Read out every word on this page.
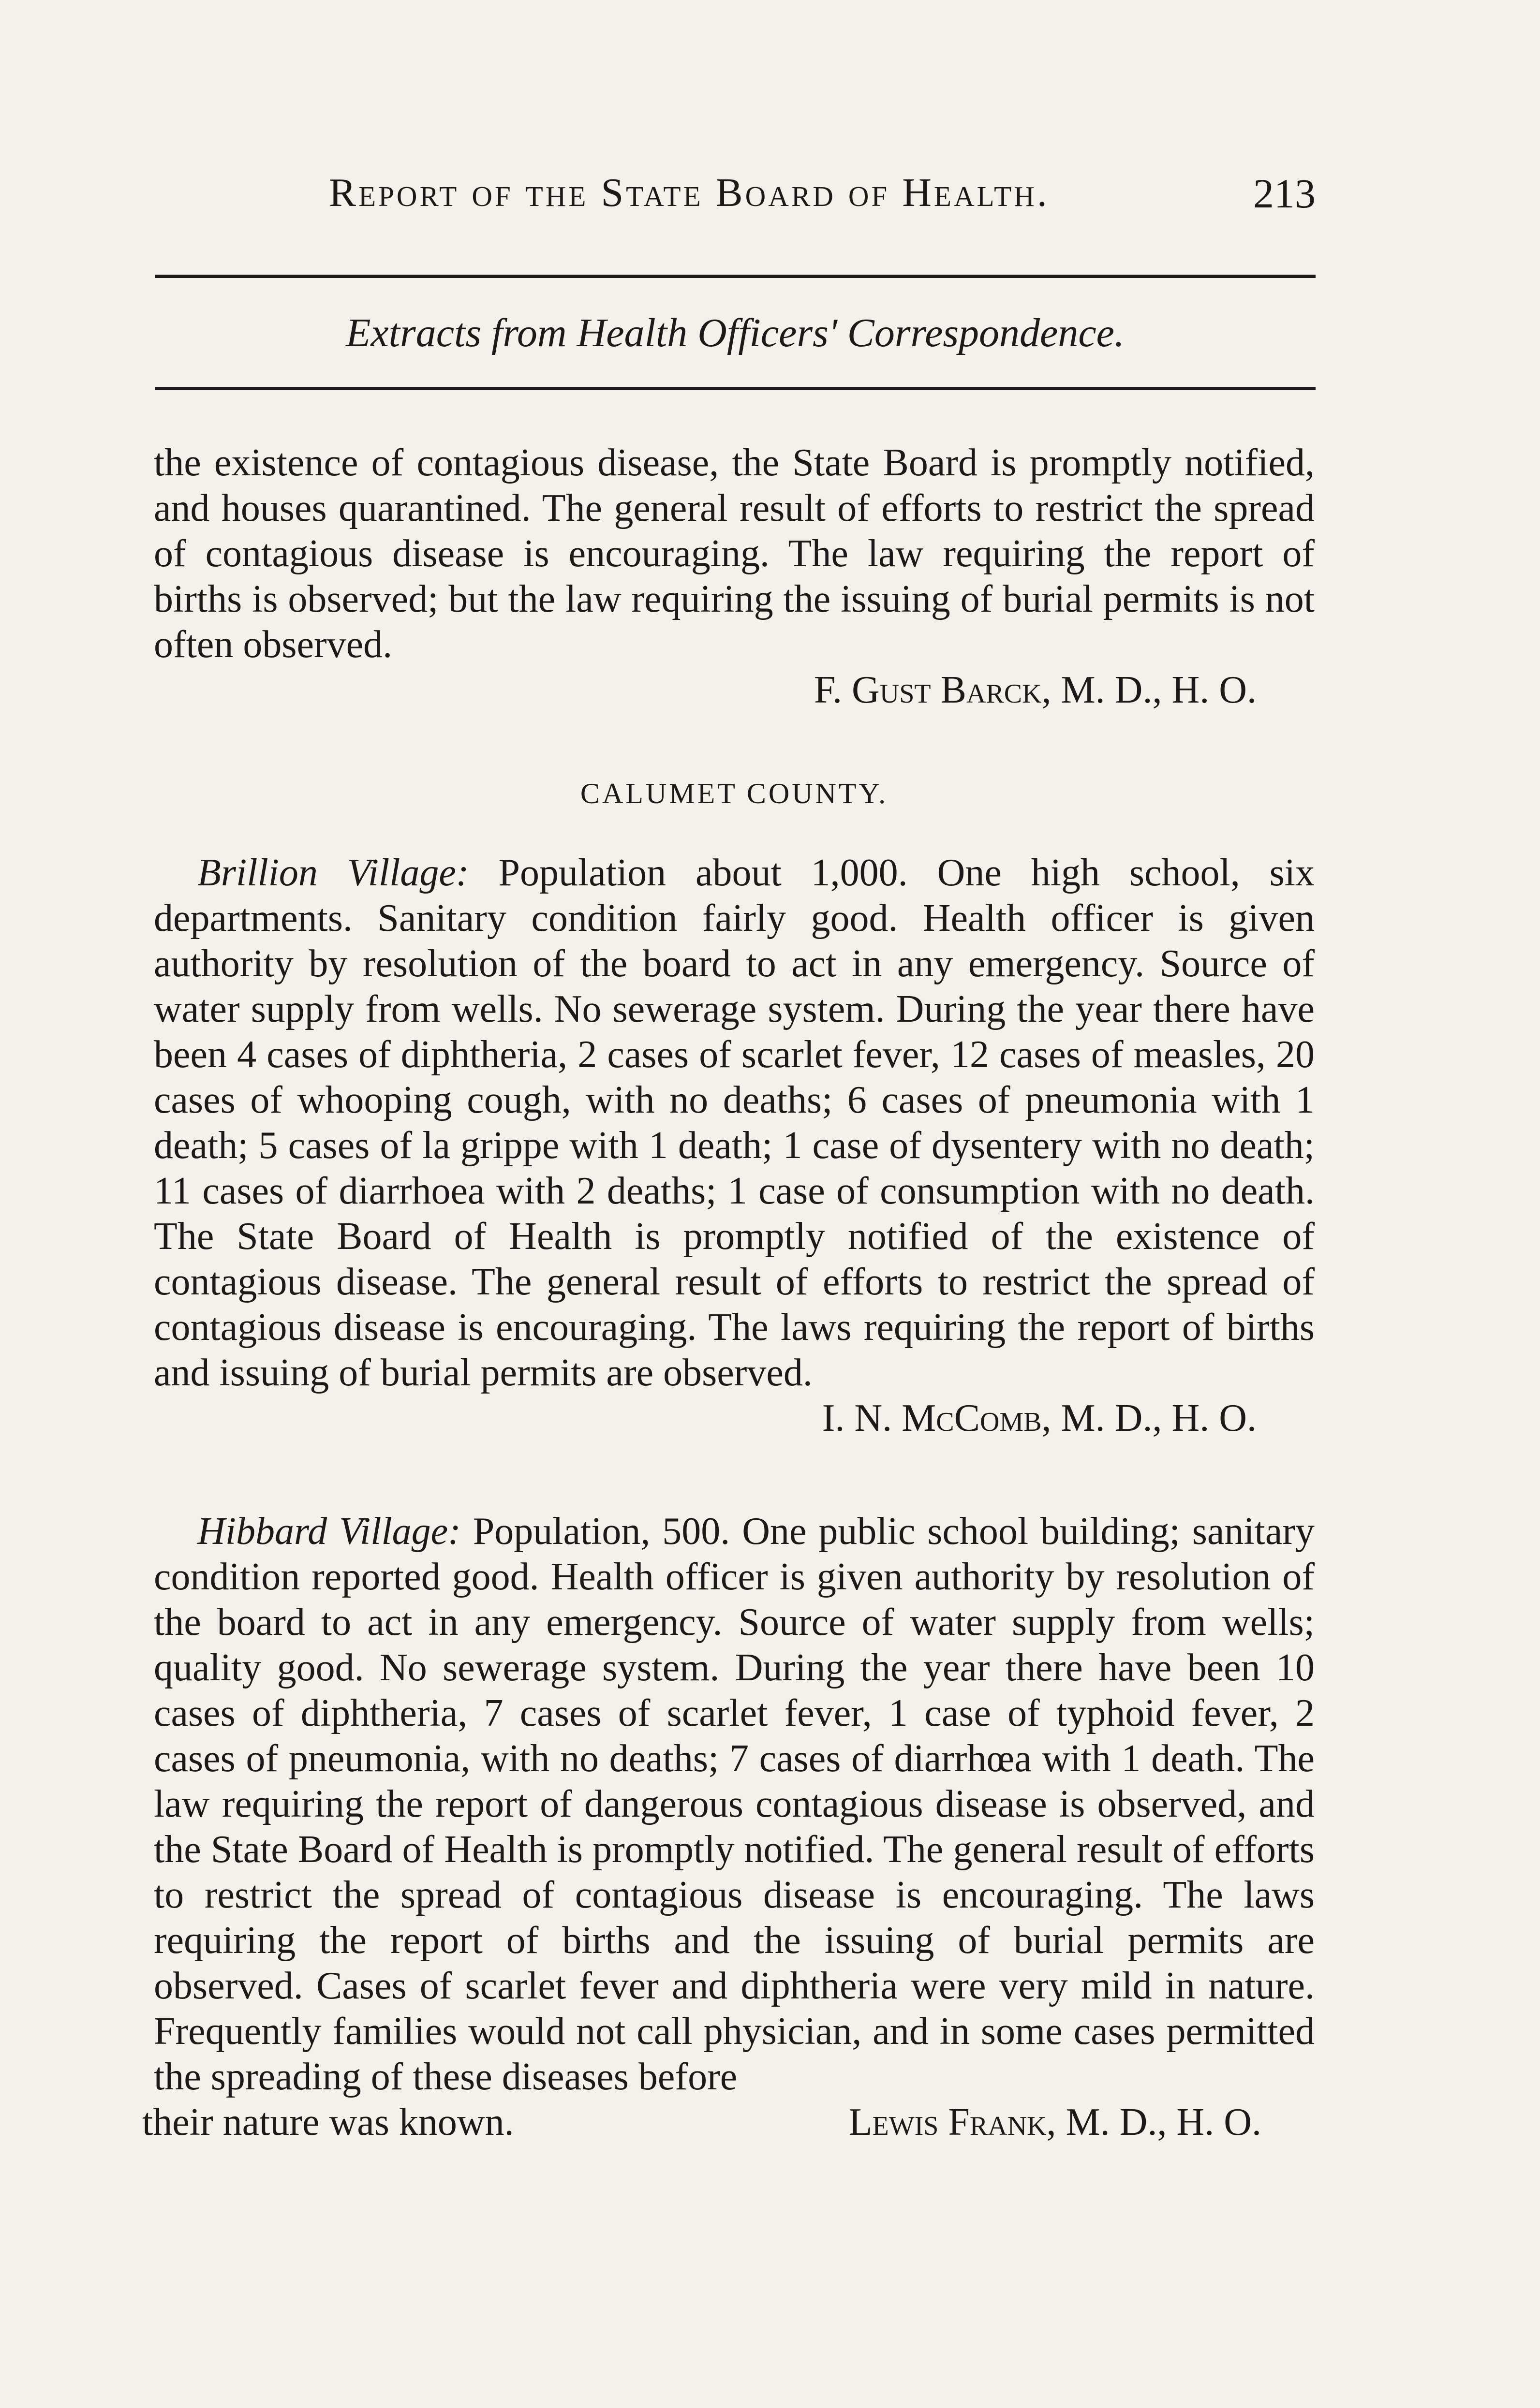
Report of the State Board of Health.	213
Extracts from Health Officers' Correspondence.

the existence of contagious disease, the State Board is promptly notified, and houses quarantined. The general result of efforts to restrict the spread of contagious disease is encouraging. The law requiring the report of births is observed; but the law requiring the issuing of burial permits is not often observed.

F. Gust Barck, M. D., H. O.

CALUMET COUNTY.

Brillion Village: Population about 1,000. One high school, six departments. Sanitary condition fairly good. Health officer is given authority by resolution of the board to act in any emergency. Source of water supply from wells. No sewerage system. During the year there have been 4 cases of diphtheria, 2 cases of scarlet fever, 12 cases of measles, 20 cases of whooping cough, with no deaths; 6 cases of pneumonia with 1 death; 5 cases of la grippe with 1 death; 1 case of dysentery with no death; 11 cases of diarrhoea with 2 deaths; 1 case of consumption with no death. The State Board of Health is promptly notified of the existence of contagious disease. The general result of efforts to restrict the spread of contagious disease is encouraging. The laws requiring the report of births and issuing of burial permits are observed.

I. N. McComb, M. D., H. O.

Hibbard Village: Population, 500. One public school building; sanitary condition reported good. Health officer is given authority by resolution of the board to act in any emergency. Source of water supply from wells; quality good. No sewerage system. During the year there have been 10 cases of diphtheria, 7 cases of scarlet fever, 1 case of typhoid fever, 2 cases of pneumonia, with no deaths; 7 cases of diarrhœa with 1 death. The law requiring the report of dangerous contagious disease is observed, and the State Board of Health is promptly notified. The general result of efforts to restrict the spread of contagious disease is encouraging. The laws requiring the report of births and the issuing of burial permits are observed. Cases of scarlet fever and diphtheria were very mild in nature. Frequently families would not call physician, and in some cases permitted the spreading of these diseases before

their nature was known.	Lewis Frank, M. D., H. O.
